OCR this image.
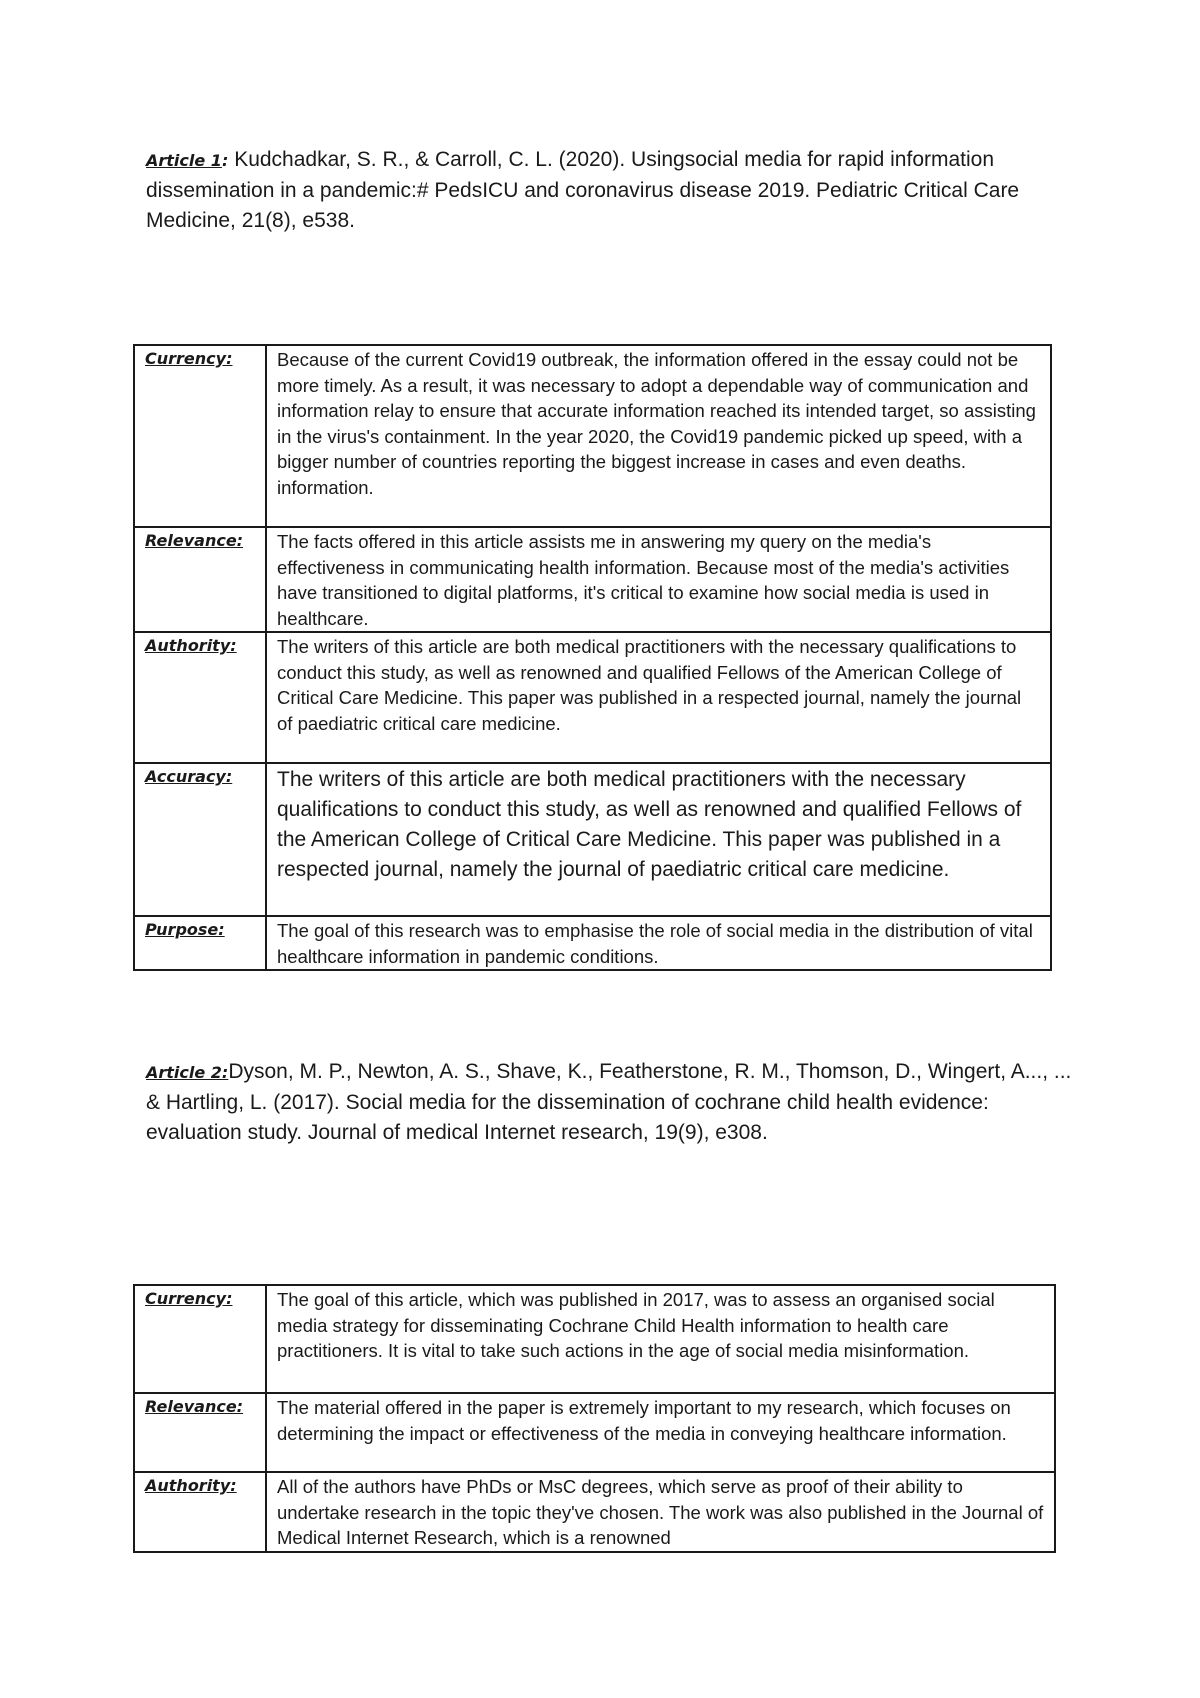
Article 1: Kudchadkar, S. R., & Carroll, C. L. (2020). Usingsocial media for rapid information dissemination in a pandemic:# PedsICU and coronavirus disease 2019. Pediatric Critical Care Medicine, 21(8), e538.
Currency:	Because of the current Covid19 outbreak, the information offered in the essay could not be more timely. As a result, it was necessary to adopt a dependable way of communication and information relay to ensure that accurate information reached its intended target, so assisting in the virus's containment. In the year 2020, the Covid19 pandemic picked up speed, with a bigger number of countries reporting the biggest increase in cases and even deaths. information.
Relevance:	The facts offered in this article assists me in answering my query on the media's effectiveness in communicating health information. Because most of the media's activities have transitioned to digital platforms, it's critical to examine how social media is used in healthcare.
Authority:	The writers of this article are both medical practitioners with the necessary qualifications to conduct this study, as well as renowned and qualified Fellows of the American College of Critical Care Medicine. This paper was published in a respected journal, namely the journal of paediatric critical care medicine.
Accuracy:	The writers of this article are both medical practitioners with the necessary qualifications to conduct this study, as well as renowned and qualified Fellows of the American College of Critical Care Medicine. This paper was published in a respected journal, namely the journal of paediatric critical care medicine.
Purpose:	The goal of this research was to emphasise the role of social media in the distribution of vital healthcare information in pandemic conditions.
Article 2:Dyson, M. P., Newton, A. S., Shave, K., Featherstone, R. M., Thomson, D., Wingert, A..., ... & Hartling, L. (2017). Social media for the dissemination of cochrane child health evidence: evaluation study. Journal of medical Internet research, 19(9), e308.
Currency:	The goal of this article, which was published in 2017, was to assess an organised social media strategy for disseminating Cochrane Child Health information to health care practitioners. It is vital to take such actions in the age of social media misinformation.
Relevance:	The material offered in the paper is extremely important to my research, which focuses on determining the impact or effectiveness of the media in conveying healthcare information.
Authority:	All of the authors have PhDs or MsC degrees, which serve as proof of their ability to undertake research in the topic they've chosen. The work was also published in the Journal of Medical Internet Research, which is a renowned
